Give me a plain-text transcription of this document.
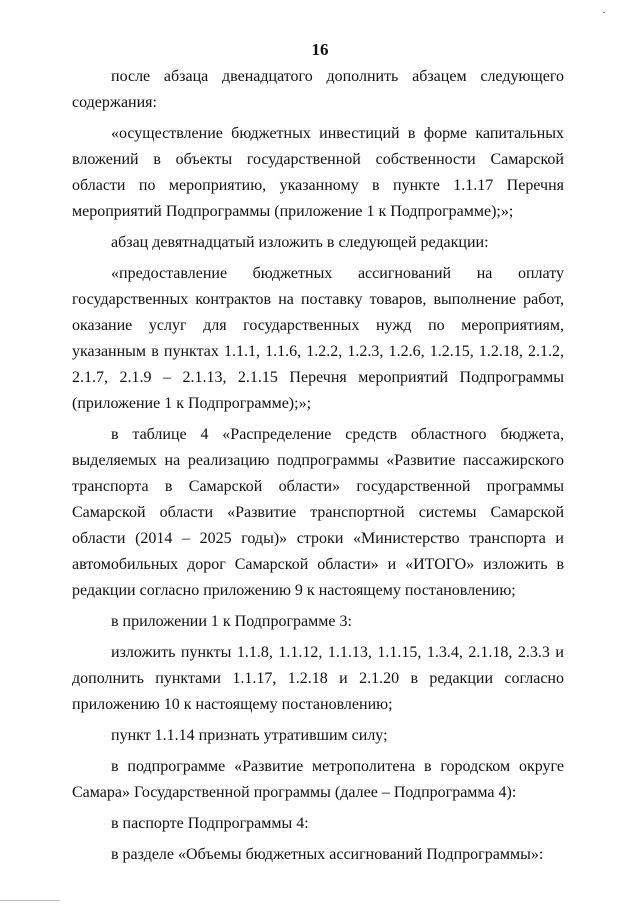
16

после абзаца двенадцатого дополнить абзацем следующего содержания:

«осуществление бюджетных инвестиций в форме капитальных вложений в объекты государственной собственности Самарской области по мероприятию, указанному в пункте 1.1.17 Перечня мероприятий Подпрограммы (приложение 1 к Подпрограмме);»;

абзац девятнадцатый изложить в следующей редакции:

«предоставление бюджетных ассигнований на оплату государственных контрактов на поставку товаров, выполнение работ, оказание услуг для государственных нужд по мероприятиям, указанным в пунктах 1.1.1, 1.1.6, 1.2.2, 1.2.3, 1.2.6, 1.2.15, 1.2.18, 2.1.2, 2.1.7, 2.1.9 – 2.1.13, 2.1.15 Перечня мероприятий Подпрограммы (приложение 1 к Подпрограмме);»;

в таблице 4 «Распределение средств областного бюджета, выделяемых на реализацию подпрограммы «Развитие пассажирского транспорта в Самарской области» государственной программы Самарской области «Развитие транспортной системы Самарской области (2014 – 2025 годы)» строки «Министерство транспорта и автомобильных дорог Самарской области» и «ИТОГО» изложить в редакции согласно приложению 9 к настоящему постановлению;

в приложении 1 к Подпрограмме 3:

изложить пункты 1.1.8, 1.1.12, 1.1.13, 1.1.15, 1.3.4, 2.1.18, 2.3.3 и дополнить пунктами 1.1.17, 1.2.18 и 2.1.20 в редакции согласно приложению 10 к настоящему постановлению;

пункт 1.1.14 признать утратившим силу;

в подпрограмме «Развитие метрополитена в городском округе Самара» Государственной программы (далее – Подпрограмма 4):

в паспорте Подпрограммы 4:

в разделе «Объемы бюджетных ассигнований Подпрограммы»:
